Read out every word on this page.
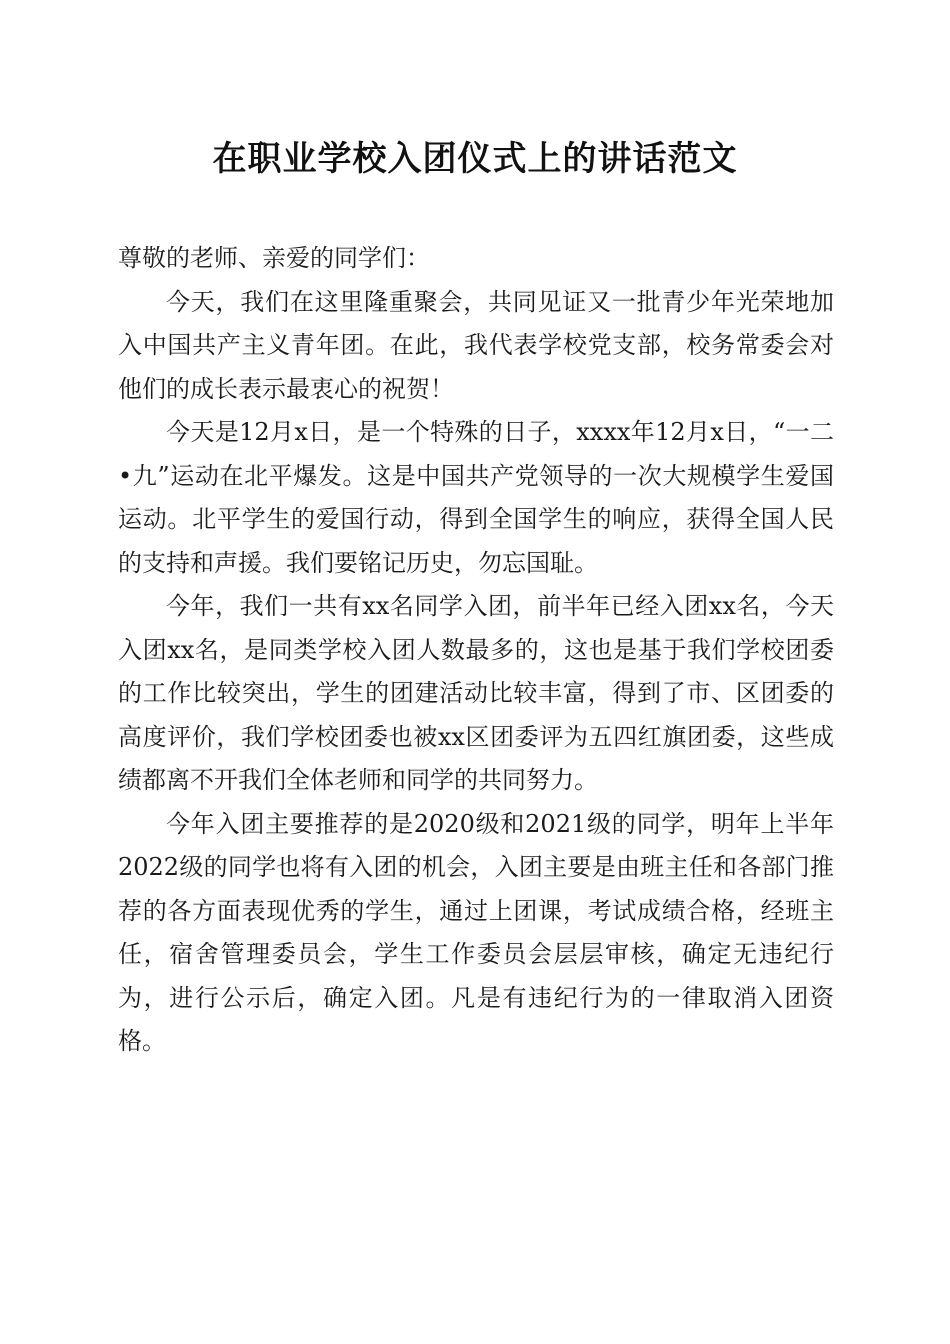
在职业学校入团仪式上的讲话范文

尊敬的老师、亲爱的同学们：

今天，我们在这里隆重聚会，共同见证又一批青少年光荣地加入中国共产主义青年团。在此，我代表学校党支部，校务常委会对他们的成长表示最衷心的祝贺！

今天是12月x日，是一个特殊的日子，xxxx年12月x日，“一二•九”运动在北平爆发。这是中国共产党领导的一次大规模学生爱国运动。北平学生的爱国行动，得到全国学生的响应，获得全国人民的支持和声援。我们要铭记历史，勿忘国耻。

今年，我们一共有xx名同学入团，前半年已经入团xx名，今天入团xx名，是同类学校入团人数最多的，这也是基于我们学校团委的工作比较突出，学生的团建活动比较丰富，得到了市、区团委的高度评价，我们学校团委也被xx区团委评为五四红旗团委，这些成绩都离不开我们全体老师和同学的共同努力。

今年入团主要推荐的是2020级和2021级的同学，明年上半年2022级的同学也将有入团的机会，入团主要是由班主任和各部门推荐的各方面表现优秀的学生，通过上团课，考试成绩合格，经班主任，宿舍管理委员会，学生工作委员会层层审核，确定无违纪行为，进行公示后，确定入团。凡是有违纪行为的一律取消入团资格。
